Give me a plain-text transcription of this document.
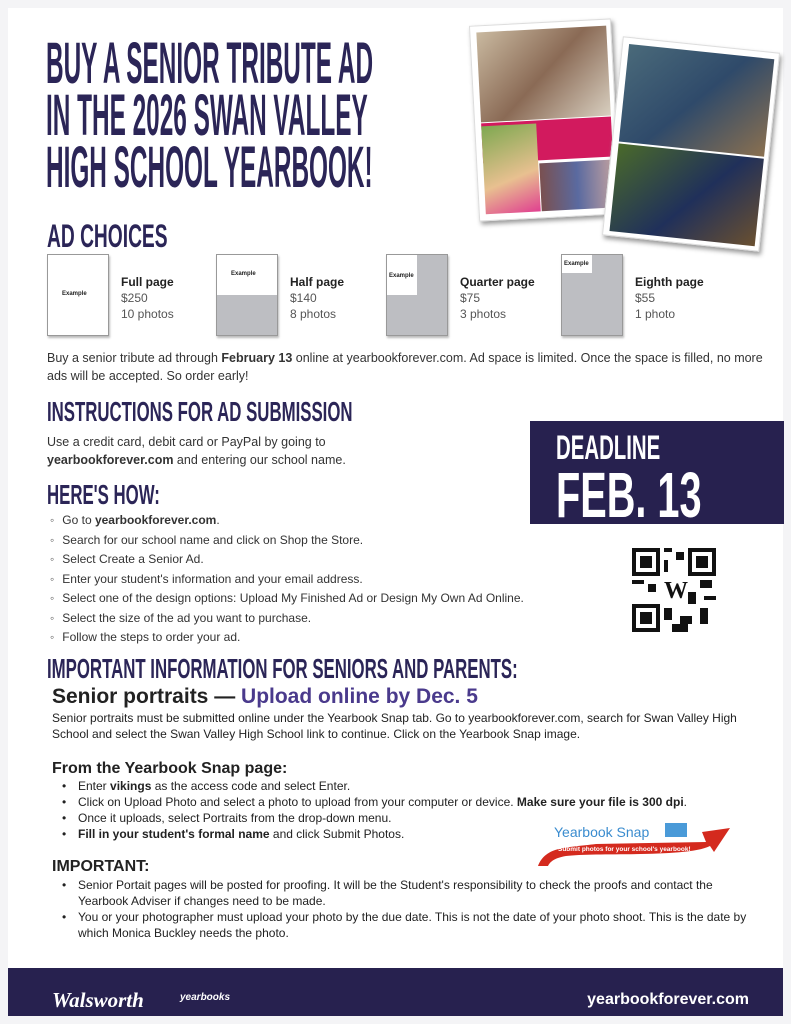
BUY A SENIOR TRIBUTE AD
IN THE 2026 SWAN VALLEY
HIGH SCHOOL YEARBOOK!
AD CHOICES
Example
Full page
$250
10 photos
Example
Half page
$140
8 photos
Example	Quarter page
$75
3 photos
Example
Eighth page
$55
1 photo

Buy a senior tribute ad through February 13 online at yearbookforever.com. Ad space is limited. Once the space is filled, no more ads will be accepted. So order early!

INSTRUCTIONS FOR AD SUBMISSION

Use a credit card, debit card or PayPal by going to yearbookforever.com and entering our school name.	DEADLINE
FEB. 13
HERE'S HOW:
◦ Go to yearbookforever.com.
◦ Search for our school name and click on Shop the Store.
◦ Select Create a Senior Ad.
◦ Enter your student's information and your email address.
◦ Select one of the design options: Upload My Finished Ad or Design My Own Ad Online.
◦ Select the size of the ad you want to purchase.
◦ Follow the steps to order your ad.
W
IMPORTANT INFORMATION FOR SENIORS AND PARENTS:
Senior portraits — Upload online by Dec. 5

Senior portraits must be submitted online under the Yearbook Snap tab. Go to yearbookforever.com, search for Swan Valley High School and select the Swan Valley High School link to continue. Click on the Yearbook Snap image.

From the Yearbook Snap page:
• Enter vikings as the access code and select Enter.
• Click on Upload Photo and select a photo to upload from your computer or device. Make sure your file is 300 dpi.
• Once it uploads, select Portraits from the drop-down menu.
• Fill in your student's formal name and click Submit Photos.	Yearbook Snap
Submit photos for your school's yearbook!
IMPORTANT:
• Senior Portait pages will be posted for proofing. It will be the Student's responsibility to check the proofs and contact the Yearbook Adviser if changes need to be made.
• You or your photographer must upload your photo by the due date. This is not the date of your photo shoot. This is the date by which Monica Buckley needs the photo.
Walsworth	yearbooks	yearbookforever.com
